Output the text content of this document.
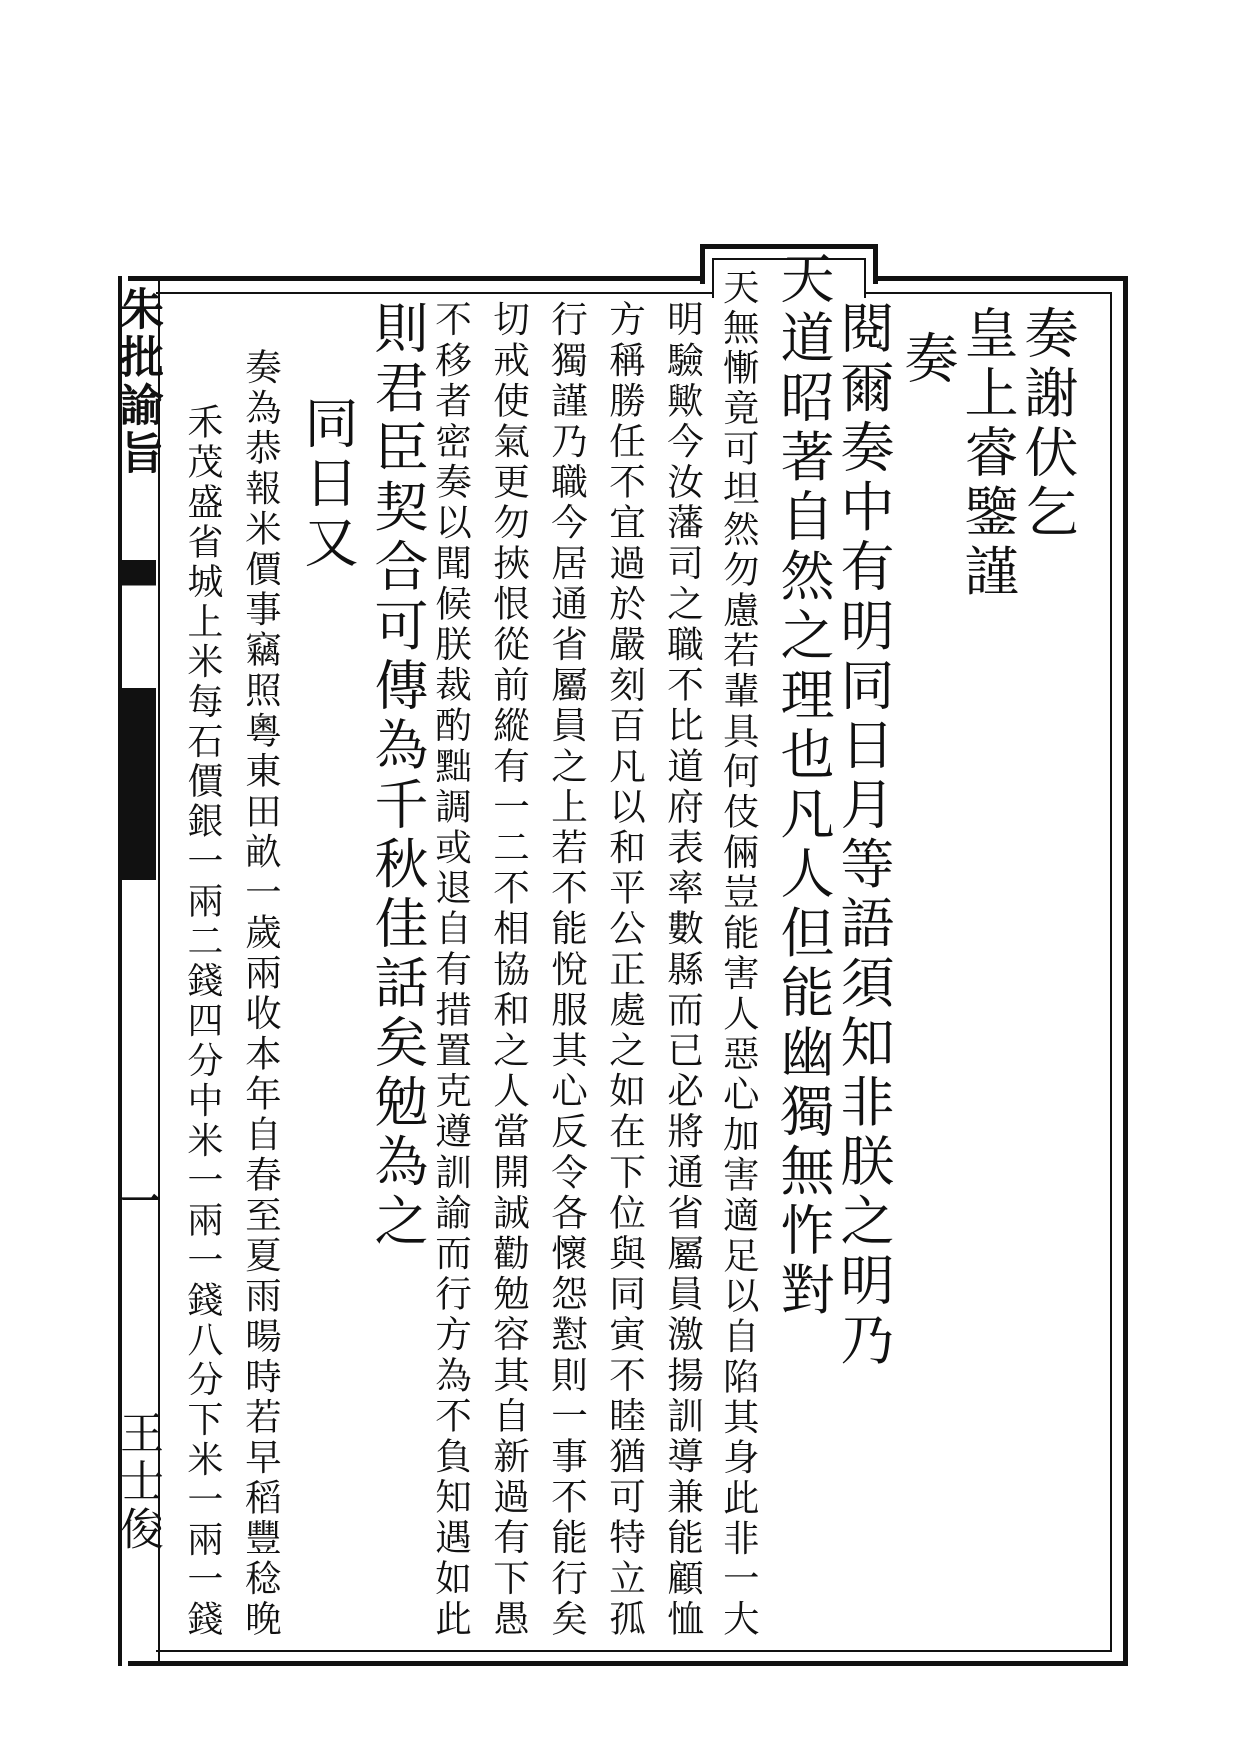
朱批諭旨
一
王士俊
奏謝伏乞
皇上睿鑒謹
奏
閱爾奏中有明同日月等語須知非朕之明乃
天道昭著自然之理也凡人但能幽獨無怍對
天無慚竟可坦然勿慮若輩具何伎倆豈能害人惡心加害適足以自陷其身此非一大
明驗歟今汝藩司之職不比道府表率數縣而已必將通省屬員激揚訓導兼能顧恤
方稱勝任不宜過於嚴刻百凡以和平公正處之如在下位與同寅不睦猶可特立孤
行獨謹乃職今居通省屬員之上若不能悅服其心反令各懷怨懟則一事不能行矣
切戒使氣更勿挾恨從前縱有一二不相協和之人當開誠勸勉容其自新過有下愚
不移者密奏以聞候朕裁酌黜調或退自有措置克遵訓諭而行方為不負知遇如此
則君臣契合可傳為千秋佳話矣勉為之
同日又
奏為恭報米價事竊照粵東田畝一歲兩收本年自春至夏雨暘時若早稻豐稔晚
禾茂盛省城上米每石價銀一兩二錢四分中米一兩一錢八分下米一兩一錢
